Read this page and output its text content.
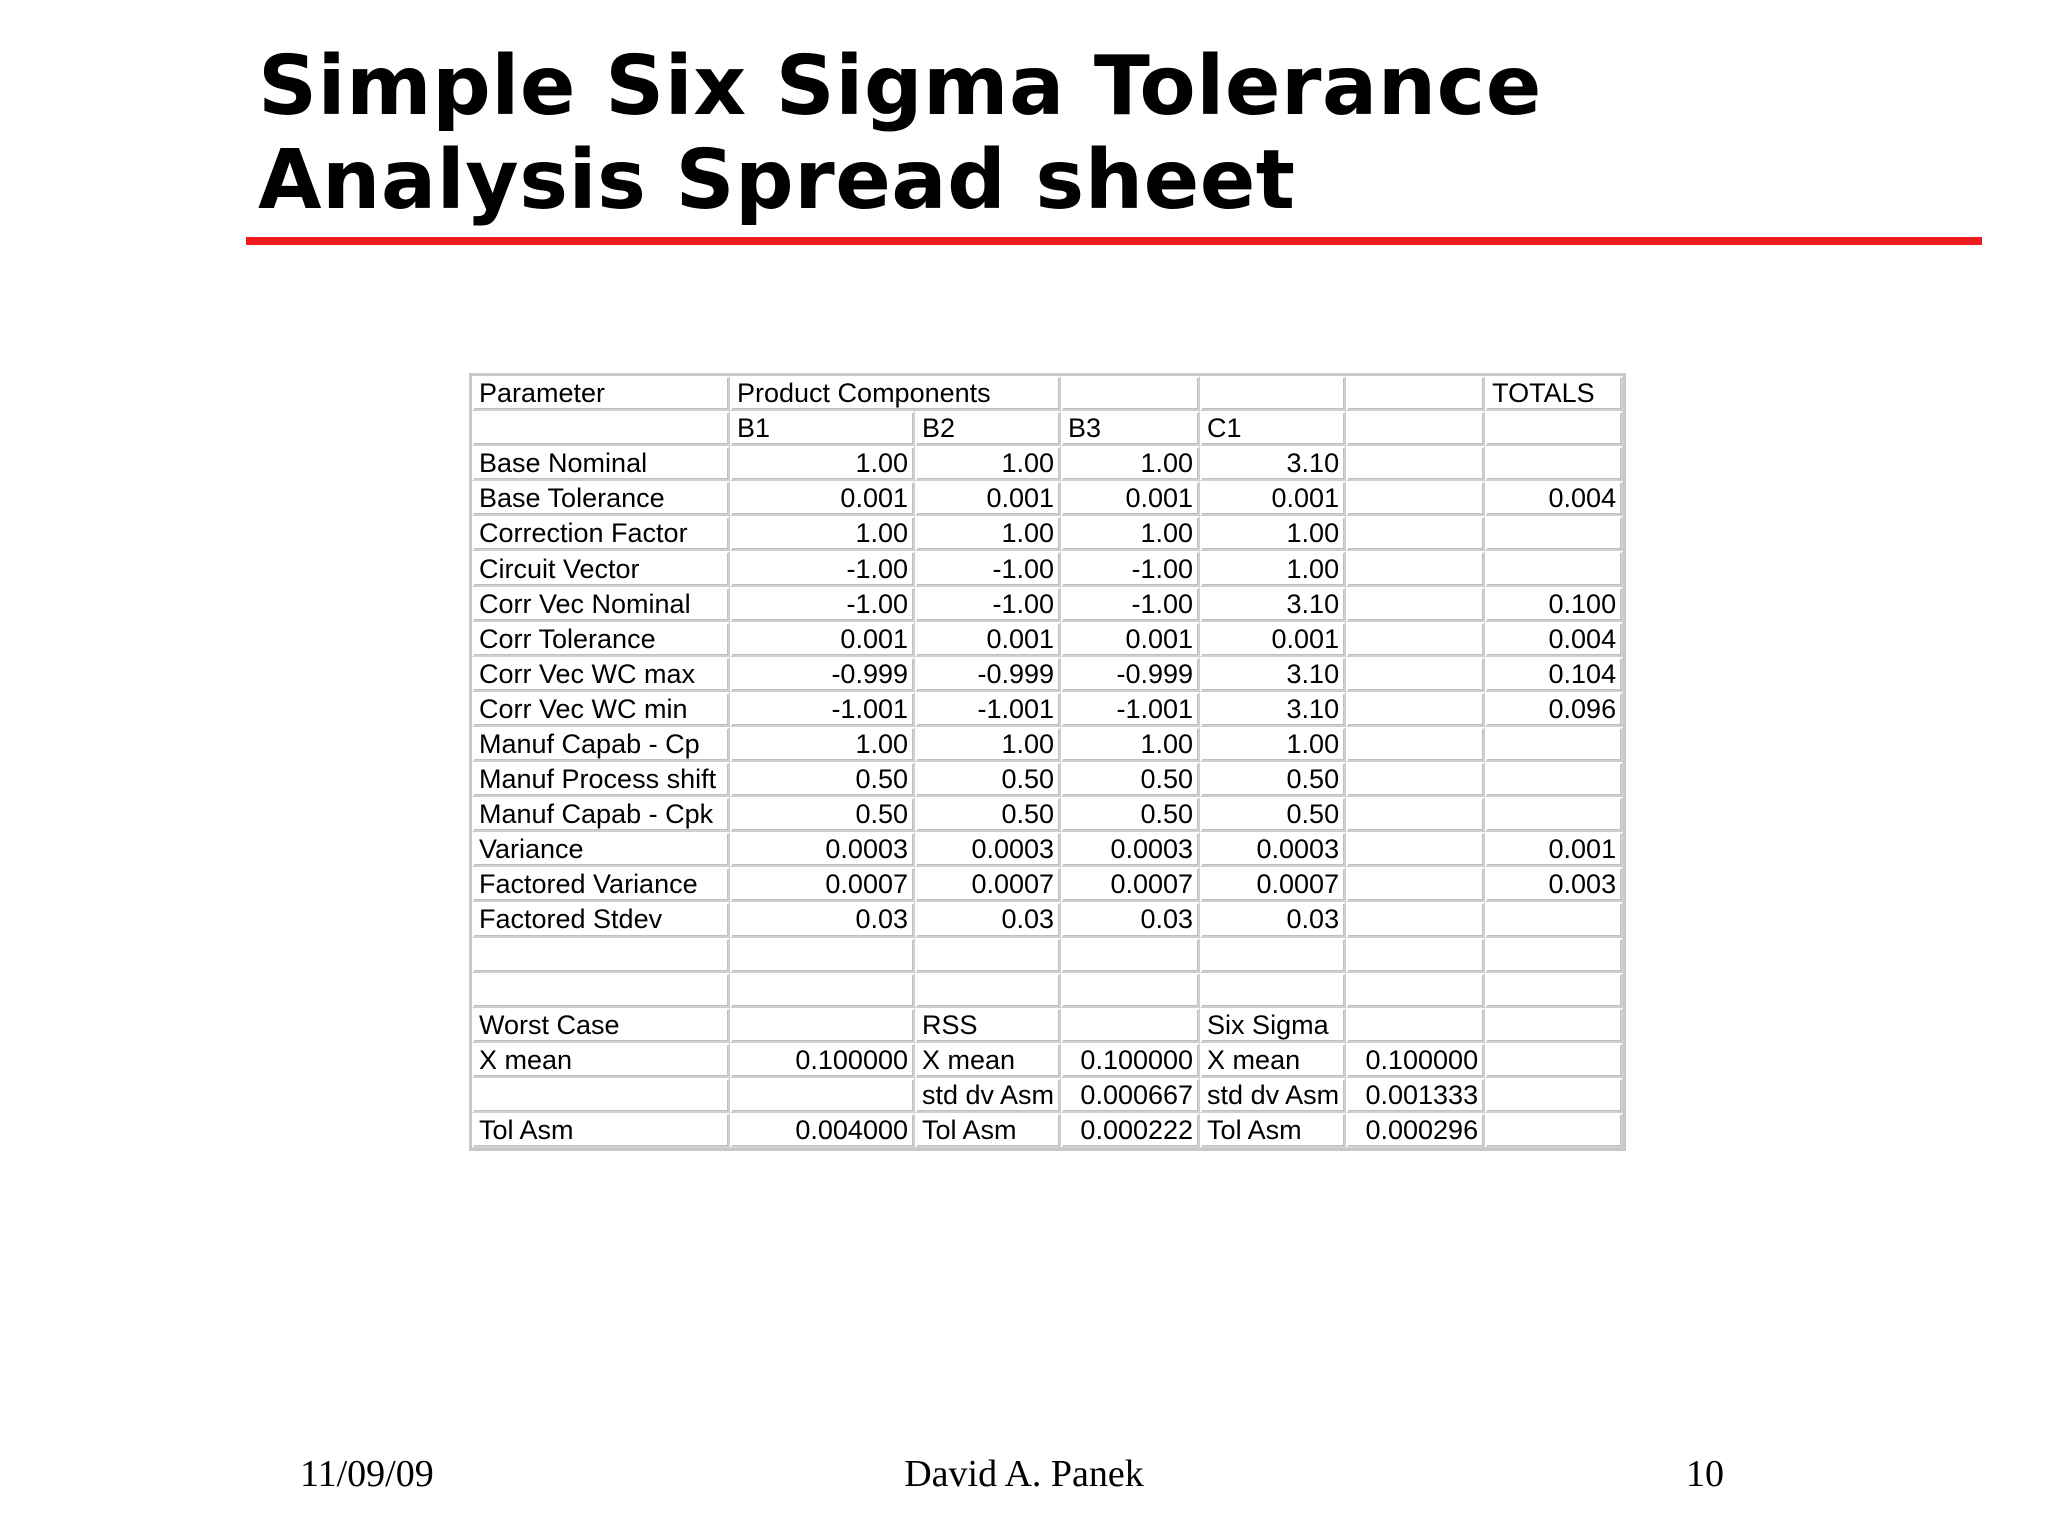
Simple Six Sigma Tolerance
Analysis Spread sheet
Parameter	Product Components					TOTALS
	B1	B2	B3	C1		
Base Nominal	1.00	1.00	1.00	3.10		
Base Tolerance	0.001	0.001	0.001	0.001		0.004
Correction Factor	1.00	1.00	1.00	1.00		
Circuit Vector	-1.00	-1.00	-1.00	1.00		
Corr Vec Nominal	-1.00	-1.00	-1.00	3.10		0.100
Corr Tolerance	0.001	0.001	0.001	0.001		0.004
Corr Vec WC max	-0.999	-0.999	-0.999	3.10		0.104
Corr Vec WC min	-1.001	-1.001	-1.001	3.10		0.096
Manuf Capab - Cp	1.00	1.00	1.00	1.00		
Manuf Process shift	0.50	0.50	0.50	0.50		
Manuf Capab - Cpk	0.50	0.50	0.50	0.50		
Variance	0.0003	0.0003	0.0003	0.0003		0.001
Factored Variance	0.0007	0.0007	0.0007	0.0007		0.003
Factored Stdev	0.03	0.03	0.03	0.03		

Worst Case		RSS		Six Sigma		
X mean	0.100000	X mean	0.100000	X mean	0.100000	
		std dv Asm	0.000667	std dv Asm	0.001333	
Tol Asm	0.004000	Tol Asm	0.000222	Tol Asm	0.000296	
11/09/09	David A. Panek	10
